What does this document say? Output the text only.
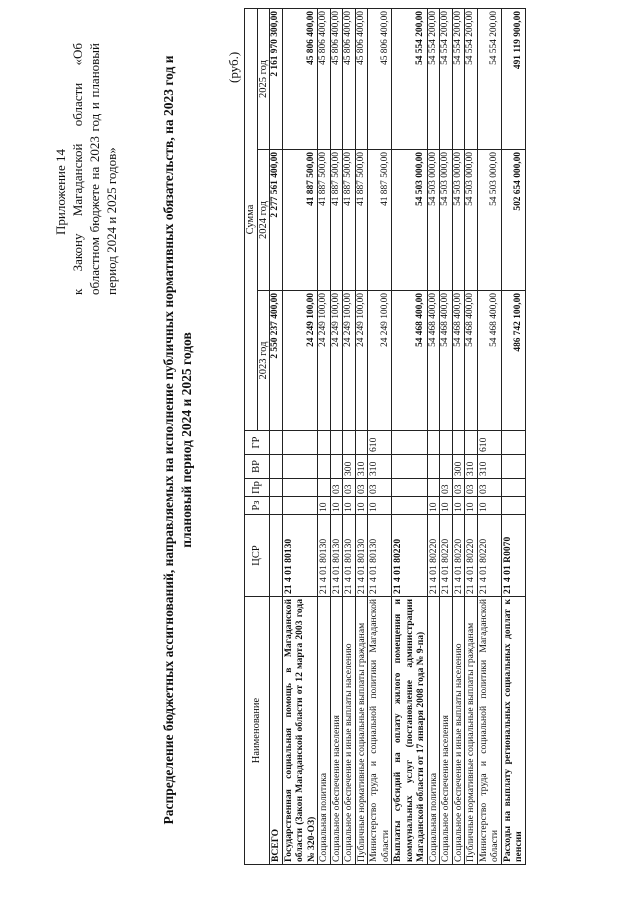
Приложение 14 к Закону Магаданской области «Об областном бюджете на 2023 год и плановый период 2024 и 2025 годов»	Распределение бюджетных ассигнований, направляемых на исполнение публичных нормативных обязательств, на 2023 год и плановый период 2024 и 2025 годов
(руб.)
Наименование	ЦСР	Рз	Пр	ВР	ГР	Сумма		
						2023 год	2024 год	2025 год
ВСЕГО						2 550 237 400,00	2 277 561 400,00	2 161 970 300,00
Государственная социальная помощь в Магаданской области (Закон Магаданской области от 12 марта 2003 года № 320-ОЗ)	21 4 01 80130					24 249 100,00	41 887 500,00	45 806 400,00
Социальная политика	21 4 01 80130	10				24 249 100,00	41 887 500,00	45 806 400,00
Социальное обеспечение населения	21 4 01 80130	10	03			24 249 100,00	41 887 500,00	45 806 400,00
Социальное обеспечение и иные выплаты населению	21 4 01 80130	10	03	300		24 249 100,00	41 887 500,00	45 806 400,00
Публичные нормативные социальные выплаты гражданам	21 4 01 80130	10	03	310		24 249 100,00	41 887 500,00	45 806 400,00
Министерство труда и социальной политики Магаданской области	21 4 01 80130	10	03	310	610	24 249 100,00	41 887 500,00	45 806 400,00
Выплаты субсидий на оплату жилого помещения и коммунальных услуг (постановление администрации Магаданской области от 17 января 2008 года № 9-па)	21 4 01 80220					54 468 400,00	54 503 000,00	54 554 200,00
Социальная политика	21 4 01 80220	10				54 468 400,00	54 503 000,00	54 554 200,00
Социальное обеспечение населения	21 4 01 80220	10	03			54 468 400,00	54 503 000,00	54 554 200,00
Социальное обеспечение и иные выплаты населению	21 4 01 80220	10	03	300		54 468 400,00	54 503 000,00	54 554 200,00
Публичные нормативные социальные выплаты гражданам	21 4 01 80220	10	03	310		54 468 400,00	54 503 000,00	54 554 200,00
Министерство труда и социальной политики Магаданской области	21 4 01 80220	10	03	310	610	54 468 400,00	54 503 000,00	54 554 200,00
Расходы на выплату региональных социальных доплат к пенсии	21 4 01 R0070					486 742 100,00	502 654 000,00	491 119 900,00
